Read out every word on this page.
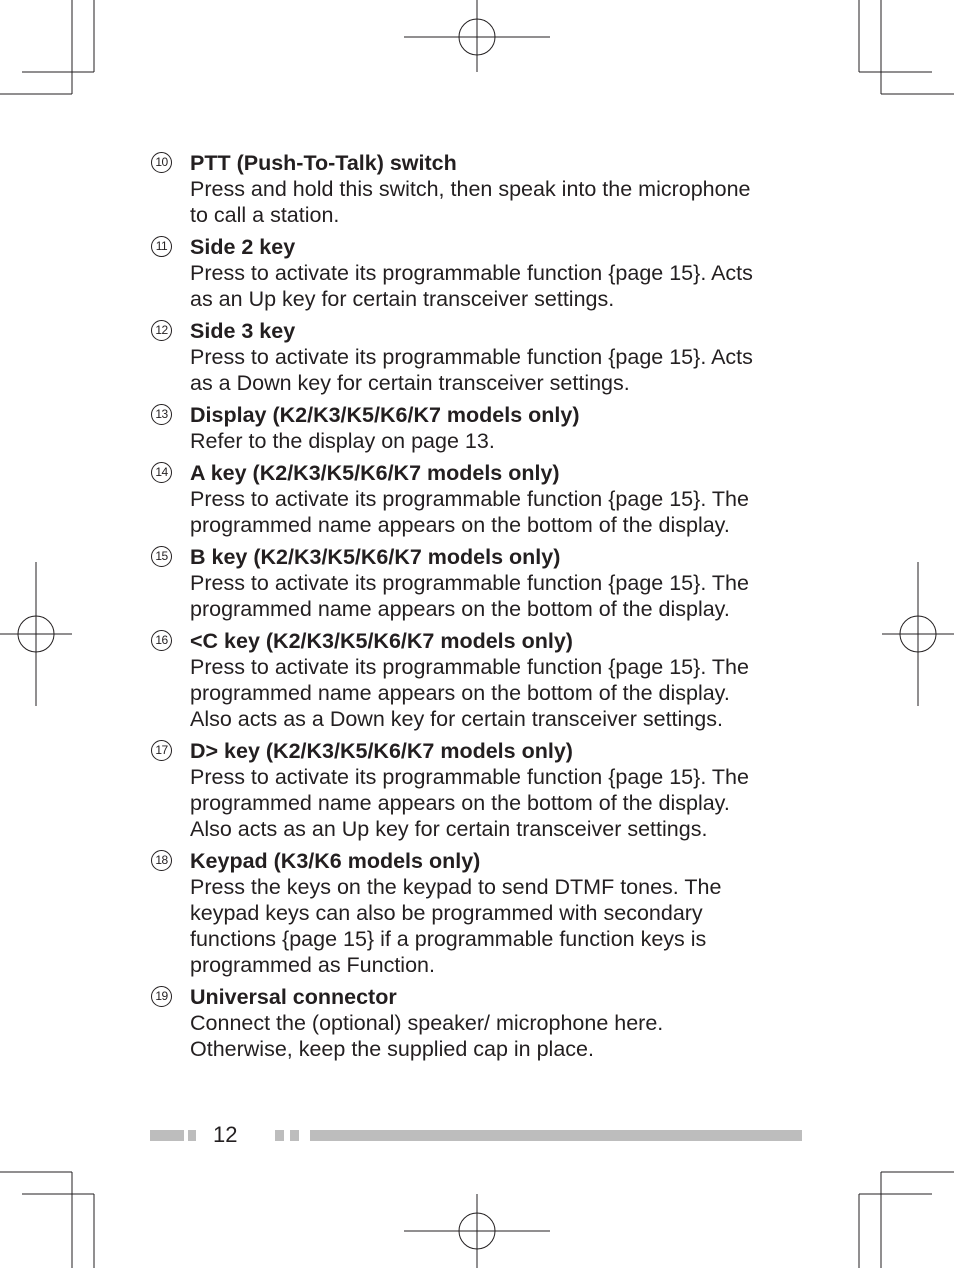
10 PTT (Push-To-Talk) switch
Press and hold this switch, then speak into the microphone
to call a station.
11 Side 2 key
Press to activate its programmable function {page 15}. Acts
as an Up key for certain transceiver settings.
12 Side 3 key
Press to activate its programmable function {page 15}. Acts
as a Down key for certain transceiver settings.
13 Display (K2/K3/K5/K6/K7 models only)
Refer to the display on page 13.
14 A key (K2/K3/K5/K6/K7 models only)
Press to activate its programmable function {page 15}. The
programmed name appears on the bottom of the display.
15 B key (K2/K3/K5/K6/K7 models only)
Press to activate its programmable function {page 15}. The
programmed name appears on the bottom of the display.
16 <C key (K2/K3/K5/K6/K7 models only)
Press to activate its programmable function {page 15}. The
programmed name appears on the bottom of the display.
Also acts as a Down key for certain transceiver settings.
17 D> key (K2/K3/K5/K6/K7 models only)
Press to activate its programmable function {page 15}. The
programmed name appears on the bottom of the display.
Also acts as an Up key for certain transceiver settings.
18 Keypad (K3/K6 models only)
Press the keys on the keypad to send DTMF tones. The
keypad keys can also be programmed with secondary
functions {page 15} if a programmable function keys is
programmed as Function.
19 Universal connector
Connect the (optional) speaker/ microphone here.
Otherwise, keep the supplied cap in place.
12
